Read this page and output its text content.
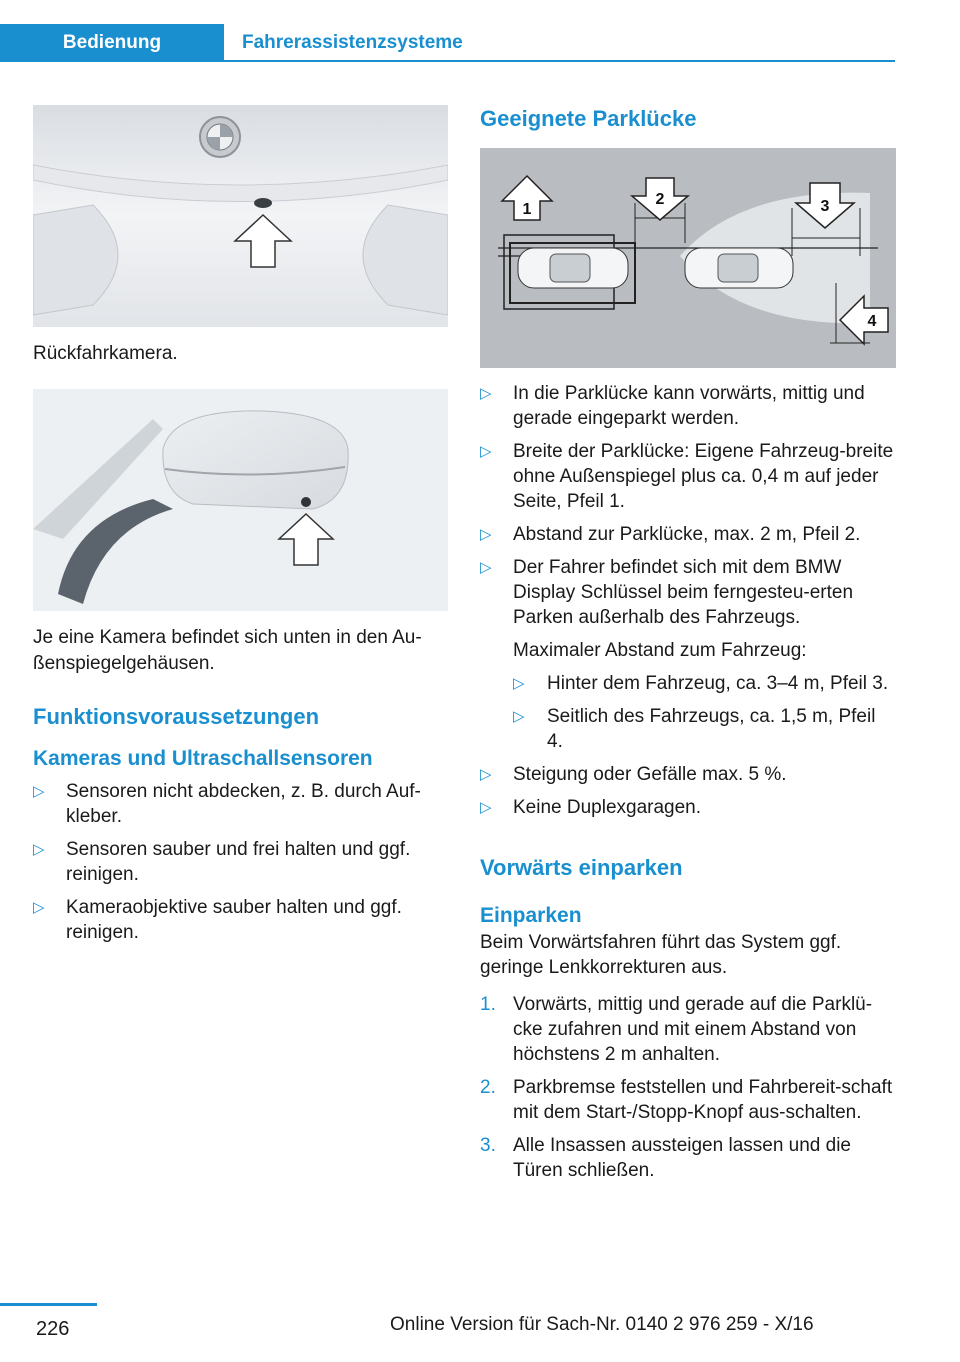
Bedienung	Fahrerassistenzsysteme
Rückfahrkamera.
Je eine Kamera befindet sich unten in den Au-ßenspiegelgehäusen.
Funktionsvoraussetzungen
Kameras und Ultraschallsensoren
▷ Sensoren nicht abdecken, z. B. durch Auf-kleber.
▷ Sensoren sauber und frei halten und ggf. reinigen.
▷ Kameraobjektive sauber halten und ggf. reinigen.
Geeignete Parklücke
1
2	3
4
▷ In die Parklücke kann vorwärts, mittig und gerade eingeparkt werden.
▷ Breite der Parklücke: Eigene Fahrzeug-breite ohne Außenspiegel plus ca. 0,4 m auf jeder Seite, Pfeil 1.
▷ Abstand zur Parklücke, max. 2 m, Pfeil 2.
▷ Der Fahrer befindet sich mit dem BMW Display Schlüssel beim ferngesteu-erten Parken außerhalb des Fahrzeugs.
Maximaler Abstand zum Fahrzeug:
▷ Hinter dem Fahrzeug, ca. 3–4 m, Pfeil 3.
▷ Seitlich des Fahrzeugs, ca. 1,5 m, Pfeil 4.
▷ Steigung oder Gefälle max. 5 %.
▷ Keine Duplexgaragen.
Vorwärts einparken
Einparken
Beim Vorwärtsfahren führt das System ggf. geringe Lenkkorrekturen aus.
1. Vorwärts, mittig und gerade auf die Parklü-cke zufahren und mit einem Abstand von höchstens 2 m anhalten.
2. Parkbremse feststellen und Fahrbereit-schaft mit dem Start-/Stopp-Knopf aus-schalten.
3. Alle Insassen aussteigen lassen und die Türen schließen.
226	Online Version für Sach-Nr. 0140 2 976 259 - X/16
